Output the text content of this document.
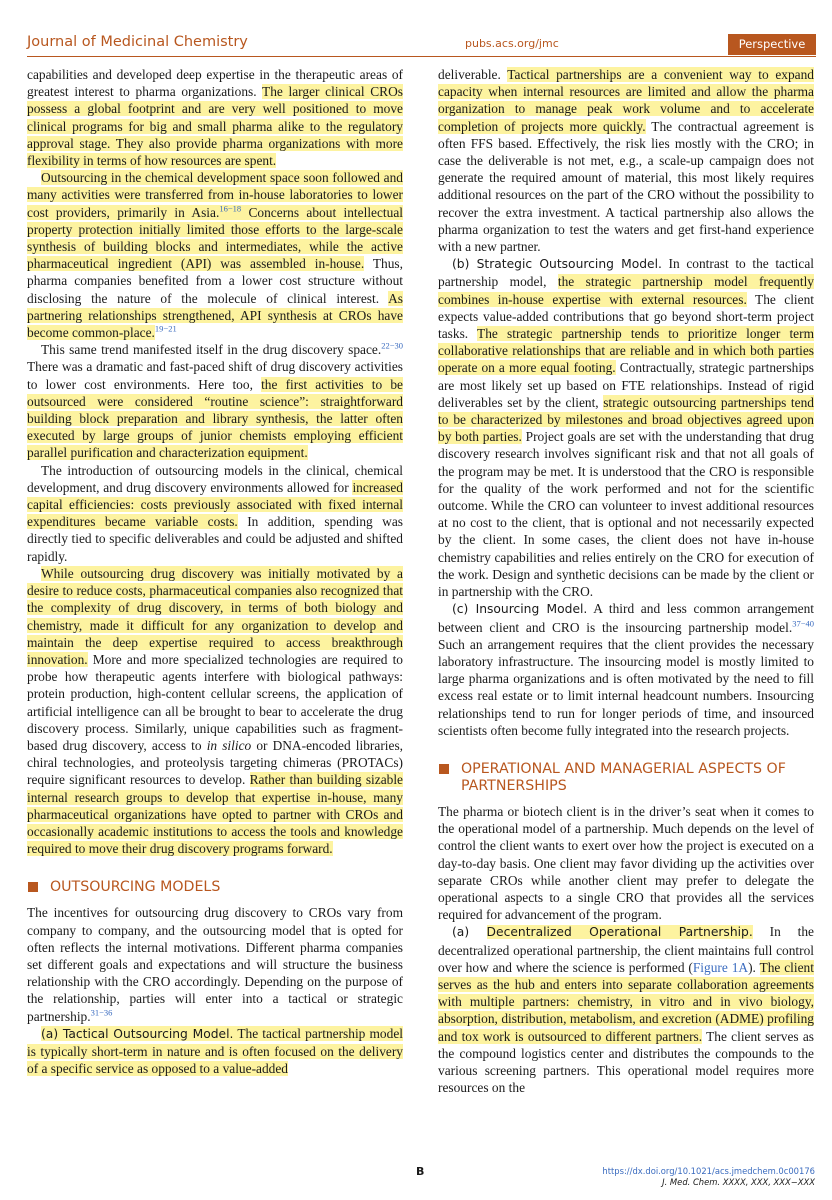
Journal of Medicinal Chemistry	pubs.acs.org/jmc	Perspective

capabilities and developed deep expertise in the therapeutic areas of greatest interest to pharma organizations. The larger clinical CROs possess a global footprint and are very well positioned to move clinical programs for big and small pharma alike to the regulatory approval stage. They also provide pharma organizations with more flexibility in terms of how resources are spent.

Outsourcing in the chemical development space soon followed and many activities were transferred from in-house laboratories to lower cost providers, primarily in Asia.$^{16-18}$ Concerns about intellectual property protection initially limited those efforts to the large-scale synthesis of building blocks and intermediates, while the active pharmaceutical ingredient (API) was assembled in-house. Thus, pharma companies benefited from a lower cost structure without disclosing the nature of the molecule of clinical interest. As partnering relationships strengthened, API synthesis at CROs have become common-place.$^{19-21}$

This same trend manifested itself in the drug discovery space.$^{22-30}$ There was a dramatic and fast-paced shift of drug discovery activities to lower cost environments. Here too, the first activities to be outsourced were considered “routine science”: straightforward building block preparation and library synthesis, the latter often executed by large groups of junior chemists employing efficient parallel purification and characterization equipment.

The introduction of outsourcing models in the clinical, chemical development, and drug discovery environments allowed for increased capital efficiencies: costs previously associated with fixed internal expenditures became variable costs. In addition, spending was directly tied to specific deliverables and could be adjusted and shifted rapidly.

While outsourcing drug discovery was initially motivated by a desire to reduce costs, pharmaceutical companies also recognized that the complexity of drug discovery, in terms of both biology and chemistry, made it difficult for any organization to develop and maintain the deep expertise required to access breakthrough innovation. More and more specialized technologies are required to probe how therapeutic agents interfere with biological pathways: protein production, high-content cellular screens, the application of artificial intelligence can all be brought to bear to accelerate the drug discovery process. Similarly, unique capabilities such as fragment-based drug discovery, access to in silico or DNA-encoded libraries, chiral technologies, and proteolysis targeting chimeras (PROTACs) require significant resources to develop. Rather than building sizable internal research groups to develop that expertise in-house, many pharmaceutical organizations have opted to partner with CROs and occasionally academic institutions to access the tools and knowledge required to move their drug discovery programs forward.

OUTSOURCING MODELS

The incentives for outsourcing drug discovery to CROs vary from company to company, and the outsourcing model that is opted for often reflects the internal motivations. Different pharma companies set different goals and expectations and will structure the business relationship with the CRO accordingly. Depending on the purpose of the relationship, parties will enter into a tactical or strategic partnership.$^{31-36}$

(a) Tactical Outsourcing Model. The tactical partnership model is typically short-term in nature and is often focused on the delivery of a specific service as opposed to a value-added

deliverable. Tactical partnerships are a convenient way to expand capacity when internal resources are limited and allow the pharma organization to manage peak work volume and to accelerate completion of projects more quickly. The contractual agreement is often FFS based. Effectively, the risk lies mostly with the CRO; in case the deliverable is not met, e.g., a scale-up campaign does not generate the required amount of material, this most likely requires additional resources on the part of the CRO without the possibility to recover the extra investment. A tactical partnership also allows the pharma organization to test the waters and get first-hand experience with a new partner.

(b) Strategic Outsourcing Model. In contrast to the tactical partnership model, the strategic partnership model frequently combines in-house expertise with external resources. The client expects value-added contributions that go beyond short-term project tasks. The strategic partnership tends to prioritize longer term collaborative relationships that are reliable and in which both parties operate on a more equal footing. Contractually, strategic partnerships are most likely set up based on FTE relationships. Instead of rigid deliverables set by the client, strategic outsourcing partnerships tend to be characterized by milestones and broad objectives agreed upon by both parties. Project goals are set with the understanding that drug discovery research involves significant risk and that not all goals of the program may be met. It is understood that the CRO is responsible for the quality of the work performed and not for the scientific outcome. While the CRO can volunteer to invest additional resources at no cost to the client, that is optional and not necessarily expected by the client. In some cases, the client does not have in-house chemistry capabilities and relies entirely on the CRO for execution of the work. Design and synthetic decisions can be made by the client or in partnership with the CRO.

(c) Insourcing Model. A third and less common arrangement between client and CRO is the insourcing partnership model.$^{37-40}$ Such an arrangement requires that the client provides the necessary laboratory infrastructure. The insourcing model is mostly limited to large pharma organizations and is often motivated by the need to fill excess real estate or to limit internal headcount numbers. Insourcing relationships tend to run for longer periods of time, and insourced scientists often become fully integrated into the research projects.

OPERATIONAL AND MANAGERIAL ASPECTS OF PARTNERSHIPS

The pharma or biotech client is in the driver’s seat when it comes to the operational model of a partnership. Much depends on the level of control the client wants to exert over how the project is executed on a day-to-day basis. One client may favor dividing up the activities over separate CROs while another client may prefer to delegate the operational aspects to a single CRO that provides all the services required for advancement of the program.

(a) Decentralized Operational Partnership. In the decentralized operational partnership, the client maintains full control over how and where the science is performed (Figure 1A). The client serves as the hub and enters into separate collaboration agreements with multiple partners: chemistry, in vitro and in vivo biology, absorption, distribution, metabolism, and excretion (ADME) profiling and tox work is outsourced to different partners. The client serves as the compound logistics center and distributes the compounds to the various screening partners. This operational model requires more resources on the

B	https://dx.doi.org/10.1021/acs.jmedchem.0c00176
J. Med. Chem. XXXX, XXX, XXX−XXX
